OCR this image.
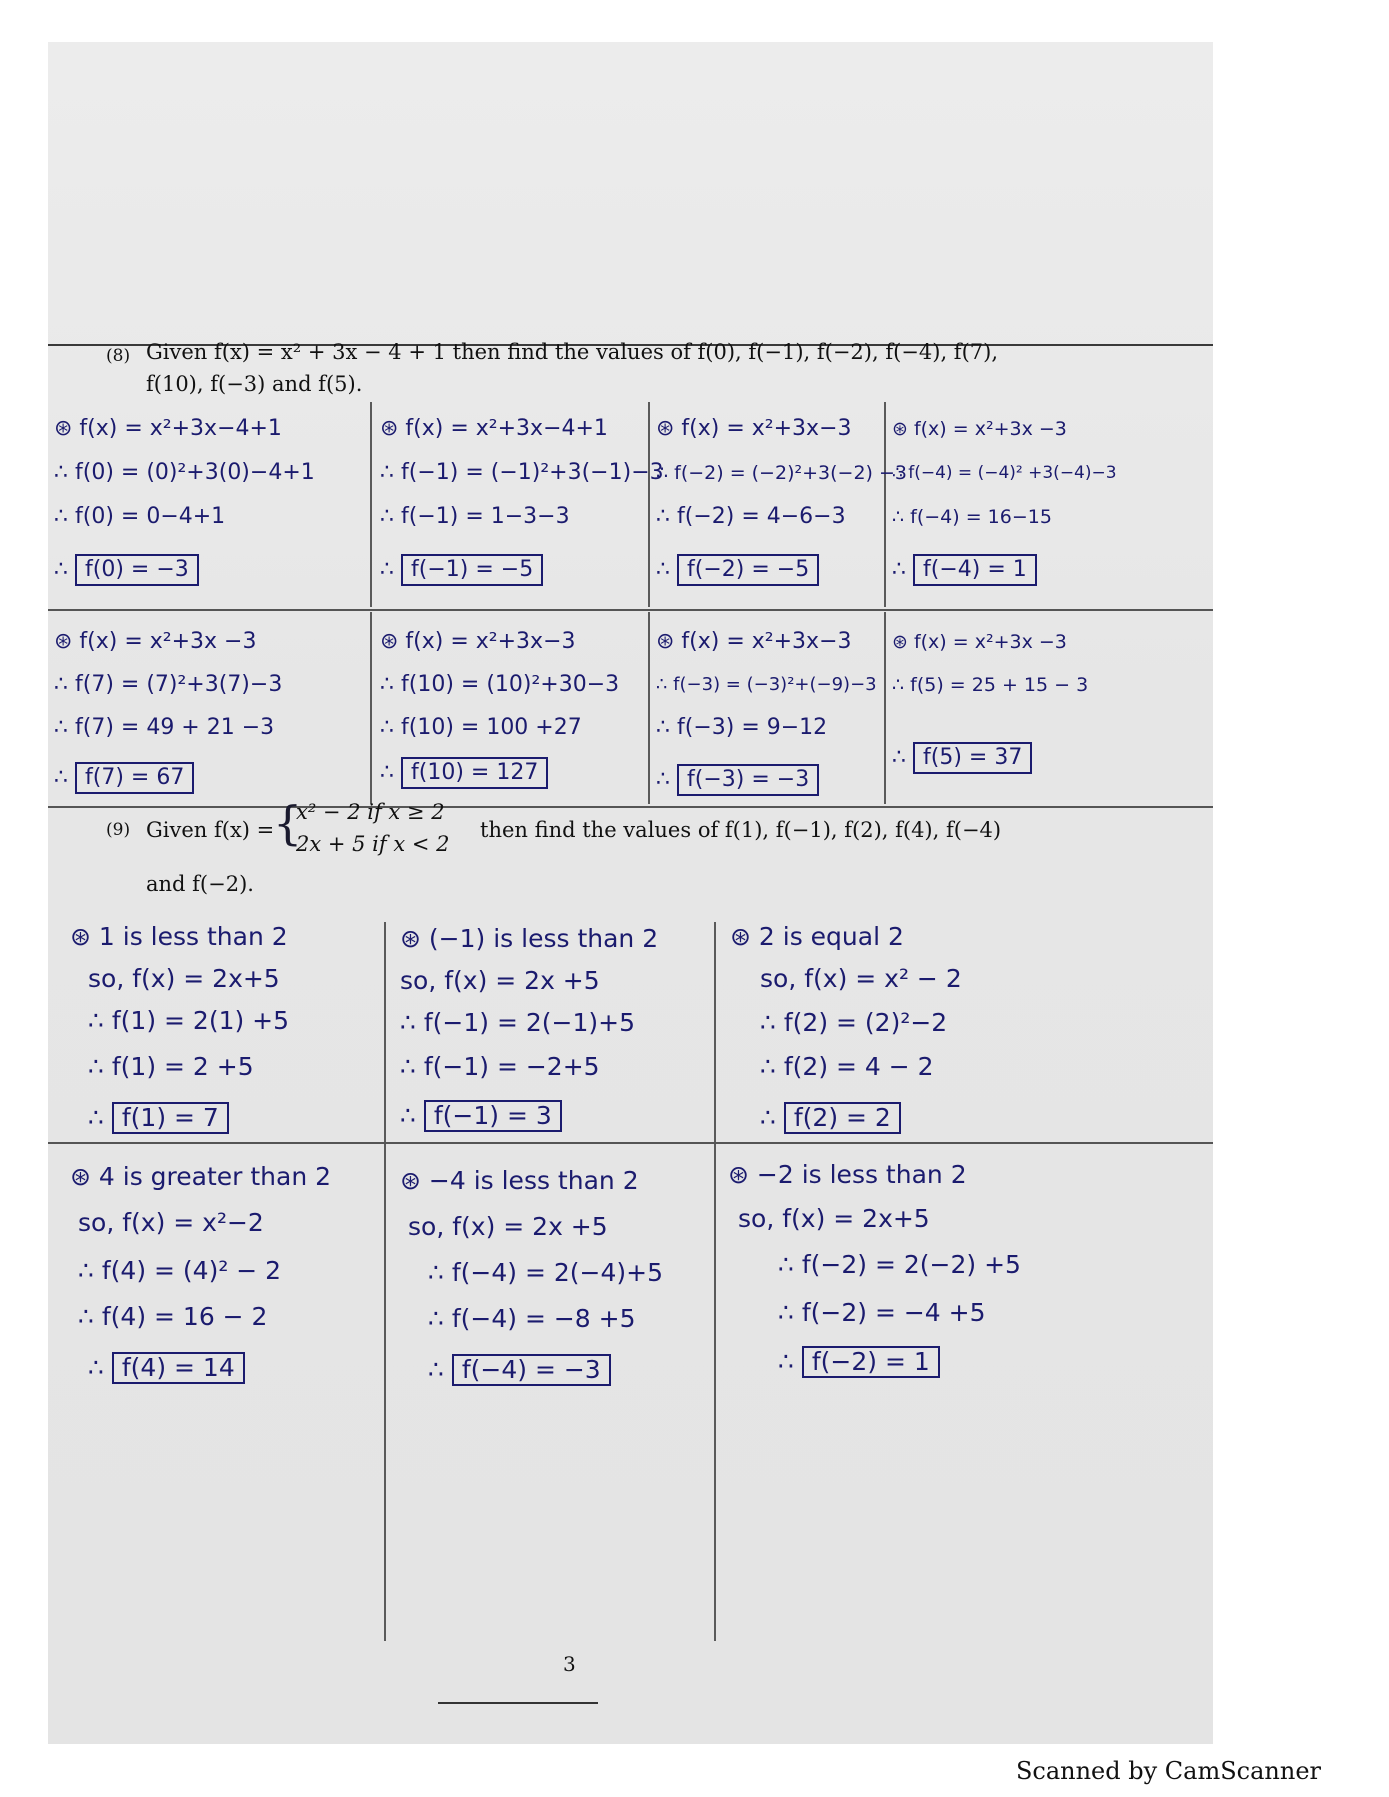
(8) Given f(x) = x² + 3x − 4 + 1 then find the values of f(0), f(−1), f(−2), f(−4), f(7),
f(10), f(−3) and f(5).
⊛ f(x) = x²+3x−4+1
∴ f(0) = (0)²+3(0)−4+1
∴ f(0) = 0−4+1
∴ f(0) = −3
⊛ f(x) = x²+3x−4+1
∴ f(−1) = (−1)²+3(−1)−3
∴ f(−1) = 1−3−3
∴ f(−1) = −5
⊛ f(x) = x²+3x−3
∴ f(−2) = (−2)²+3(−2) −3
∴ f(−2) = 4−6−3
∴ f(−2) = −5
⊛ f(x) = x²+3x −3
∴ f(−4) = (−4)² +3(−4)−3
∴ f(−4) = 16−15
∴ f(−4) = 1
⊛ f(x) = x²+3x −3
∴ f(7) = (7)²+3(7)−3
∴ f(7) = 49 + 21 −3
∴ f(7) = 67
⊛ f(x) = x²+3x−3
∴ f(10) = (10)²+30−3
∴ f(10) = 100 +27
∴ f(10) = 127
⊛ f(x) = x²+3x−3
∴ f(−3) = (−3)²+(−9)−3
∴ f(−3) = 9−12
∴ f(−3) = −3
⊛ f(x) = x²+3x −3
∴ f(5) = 25 + 15 − 3
∴ f(5) = 37
(9) Given f(x) =
{
x² − 2 if x ≥ 2
2x + 5 if x < 2
then find the values of f(1), f(−1), f(2), f(4), f(−4)
and f(−2).
⊛ 1 is less than 2
so, f(x) = 2x+5
∴ f(1) = 2(1) +5
∴ f(1) = 2 +5
∴ f(1) = 7
⊛ (−1) is less than 2
so, f(x) = 2x +5
∴ f(−1) = 2(−1)+5
∴ f(−1) = −2+5
∴ f(−1) = 3
⊛ 2 is equal 2
so, f(x) = x² − 2
∴ f(2) = (2)²−2
∴ f(2) = 4 − 2
∴ f(2) = 2
⊛ 4 is greater than 2
so, f(x) = x²−2
∴ f(4) = (4)² − 2
∴ f(4) = 16 − 2
∴ f(4) = 14
⊛ −4 is less than 2
so, f(x) = 2x +5
∴ f(−4) = 2(−4)+5
∴ f(−4) = −8 +5
∴ f(−4) = −3
⊛ −2 is less than 2
so, f(x) = 2x+5
∴ f(−2) = 2(−2) +5
∴ f(−2) = −4 +5
∴ f(−2) = 1
3
Scanned by CamScanner
